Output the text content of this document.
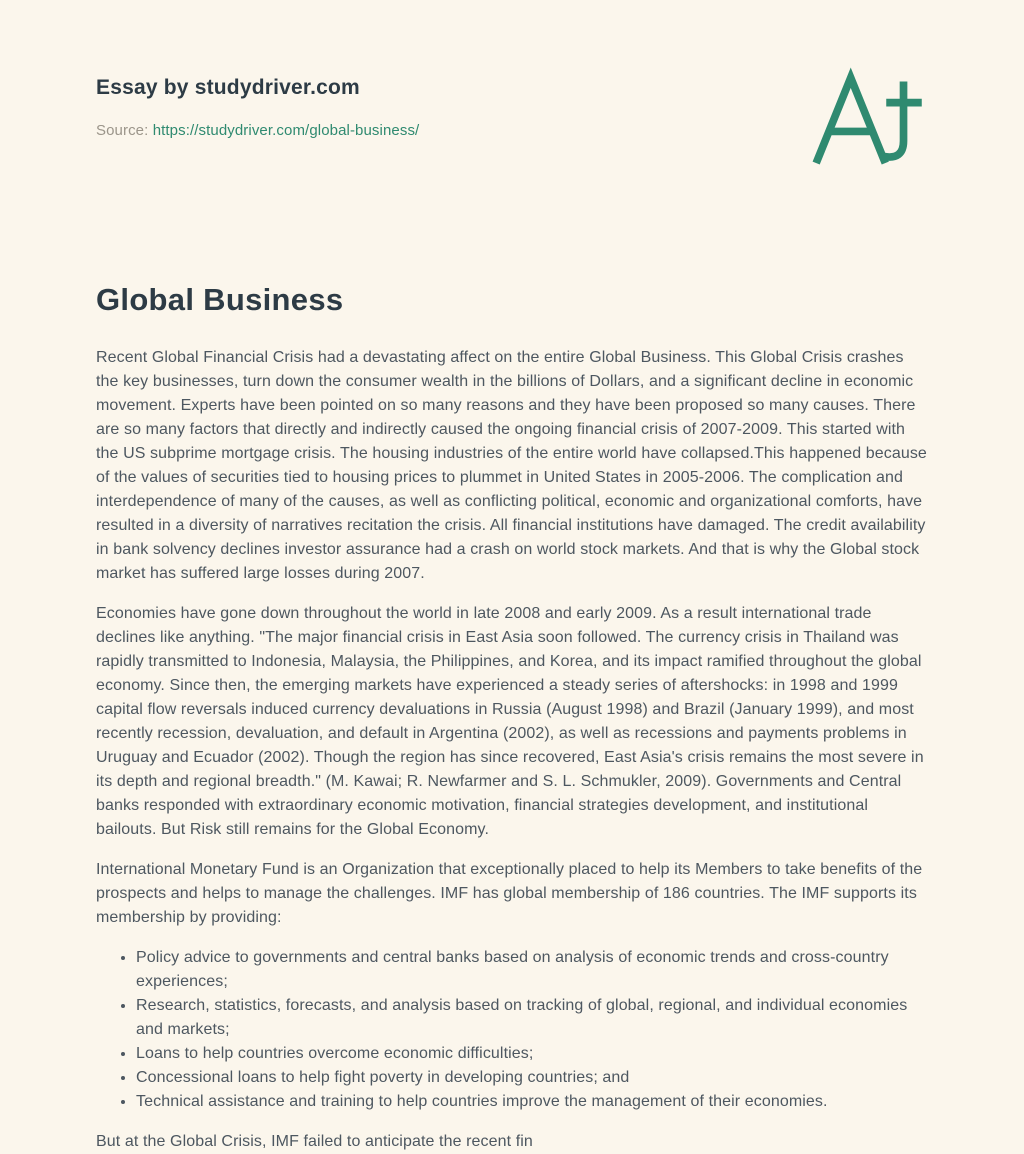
Essay by studydriver.com
Source: https://studydriver.com/global-business/
Global Business

Recent Global Financial Crisis had a devastating affect on the entire Global Business. This Global Crisis crashes the key businesses, turn down the consumer wealth in the billions of Dollars, and a significant decline in economic movement. Experts have been pointed on so many reasons and they have been proposed so many causes. There are so many factors that directly and indirectly caused the ongoing financial crisis of 2007-2009. This started with the US subprime mortgage crisis. The housing industries of the entire world have collapsed.This happened because of the values of securities tied to housing prices to plummet in United States in 2005-2006. The complication and interdependence of many of the causes, as well as conflicting political, economic and organizational comforts, have resulted in a diversity of narratives recitation the crisis. All financial institutions have damaged. The credit availability in bank solvency declines investor assurance had a crash on world stock markets. And that is why the Global stock market has suffered large losses during 2007.

Economies have gone down throughout the world in late 2008 and early 2009. As a result international trade declines like anything. "The major financial crisis in East Asia soon followed. The currency crisis in Thailand was rapidly transmitted to Indonesia, Malaysia, the Philippines, and Korea, and its impact ramified throughout the global economy. Since then, the emerging markets have experienced a steady series of aftershocks: in 1998 and 1999 capital flow reversals induced currency devaluations in Russia (August 1998) and Brazil (January 1999), and most recently recession, devaluation, and default in Argentina (2002), as well as recessions and payments problems in Uruguay and Ecuador (2002). Though the region has since recovered, East Asia's crisis remains the most severe in its depth and regional breadth." (M. Kawai; R. Newfarmer and S. L. Schmukler, 2009). Governments and Central banks responded with extraordinary economic motivation, financial strategies development, and institutional bailouts. But Risk still remains for the Global Economy.

International Monetary Fund is an Organization that exceptionally placed to help its Members to take benefits of the prospects and helps to manage the challenges. IMF has global membership of 186 countries. The IMF supports its membership by providing:

• Policy advice to governments and central banks based on analysis of economic trends and cross-country experiences;
• Research, statistics, forecasts, and analysis based on tracking of global, regional, and individual economies and markets;
• Loans to help countries overcome economic difficulties;
• Concessional loans to help fight poverty in developing countries; and
• Technical assistance and training to help countries improve the management of their economies.

But at the Global Crisis, IMF failed to anticipate the recent fin
